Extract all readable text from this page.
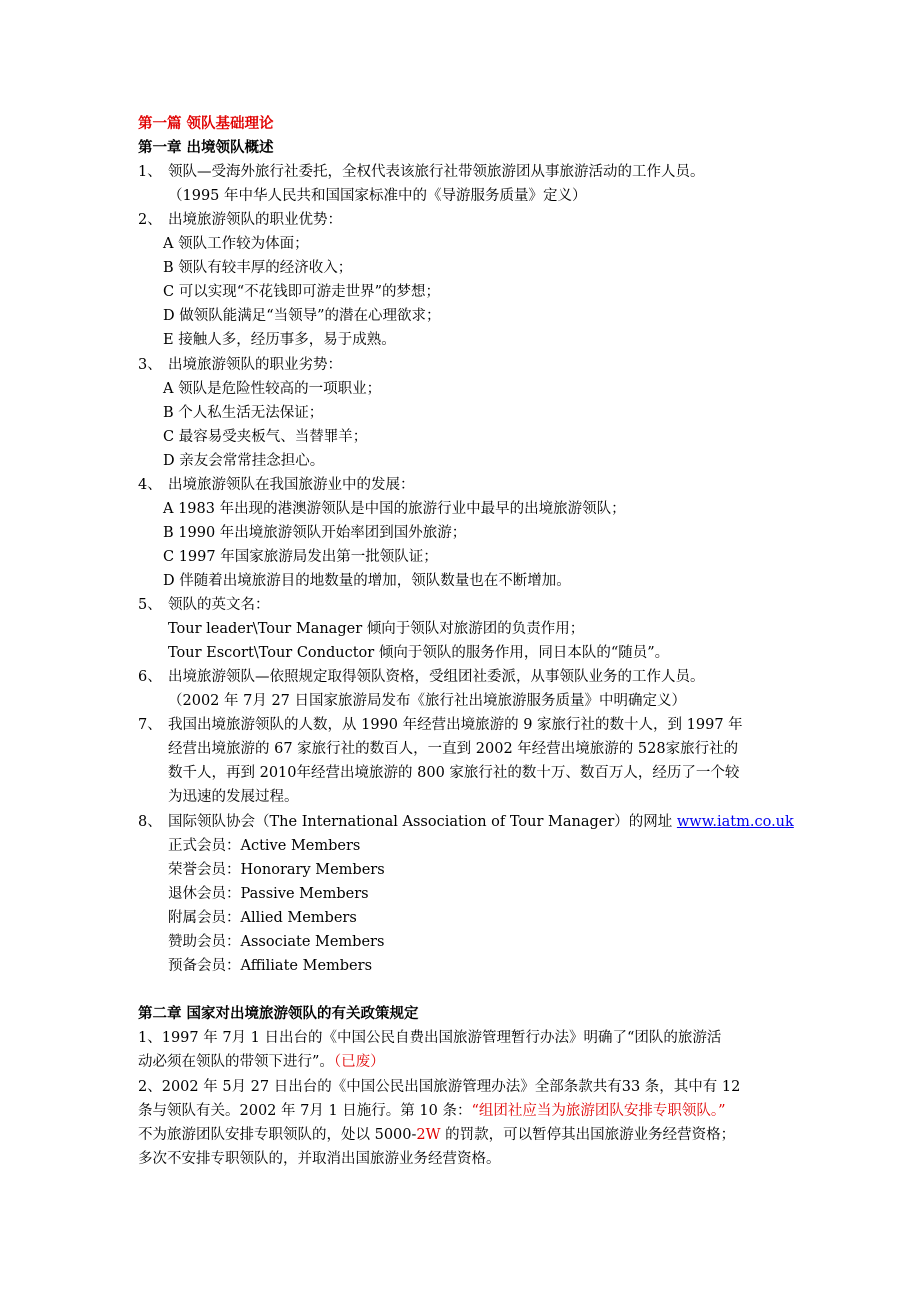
第一篇 领队基础理论
第一章 出境领队概述
1、 领队—受海外旅行社委托，全权代表该旅行社带领旅游团从事旅游活动的工作人员。
（1995 年中华人民共和国国家标准中的《导游服务质量》定义）
2、 出境旅游领队的职业优势：
A 领队工作较为体面；
B 领队有较丰厚的经济收入；
C 可以实现“不花钱即可游走世界”的梦想；
D 做领队能满足“当领导”的潜在心理欲求；
E 接触人多，经历事多，易于成熟。
3、 出境旅游领队的职业劣势：
A 领队是危险性较高的一项职业；
B 个人私生活无法保证；
C 最容易受夹板气、当替罪羊；
D 亲友会常常挂念担心。
4、 出境旅游领队在我国旅游业中的发展：
A 1983 年出现的港澳游领队是中国的旅游行业中最早的出境旅游领队；
B 1990 年出境旅游领队开始率团到国外旅游；
C 1997 年国家旅游局发出第一批领队证；
D 伴随着出境旅游目的地数量的增加，领队数量也在不断增加。
5、 领队的英文名：
Tour leader\Tour Manager 倾向于领队对旅游团的负责作用；
Tour Escort\Tour Conductor 倾向于领队的服务作用，同日本队的“随员”。
6、 出境旅游领队—依照规定取得领队资格，受组团社委派，从事领队业务的工作人员。
（2002 年 7月 27 日国家旅游局发布《旅行社出境旅游服务质量》中明确定义）
7、 我国出境旅游领队的人数，从 1990 年经营出境旅游的 9 家旅行社的数十人，到 1997 年
经营出境旅游的 67 家旅行社的数百人，一直到 2002 年经营出境旅游的 528家旅行社的
数千人，再到 2010年经营出境旅游的 800 家旅行社的数十万、数百万人，经历了一个较
为迅速的发展过程。
8、 国际领队协会（The International Association of Tour Manager）的网址 www.iatm.co.uk
正式会员：Active Members
荣誉会员：Honorary Members
退休会员：Passive Members
附属会员：Allied Members
赞助会员：Associate Members
预备会员：Affiliate Members
第二章 国家对出境旅游领队的有关政策规定
1、1997 年 7月 1 日出台的《中国公民自费出国旅游管理暂行办法》明确了“团队的旅游活
动必须在领队的带领下进行”。（已废）
2、2002 年 5月 27 日出台的《中国公民出国旅游管理办法》全部条款共有33 条，其中有 12
条与领队有关。2002 年 7月 1 日施行。第 10 条：“组团社应当为旅游团队安排专职领队。”
不为旅游团队安排专职领队的，处以 5000-2W 的罚款，可以暂停其出国旅游业务经营资格；
多次不安排专职领队的，并取消出国旅游业务经营资格。
